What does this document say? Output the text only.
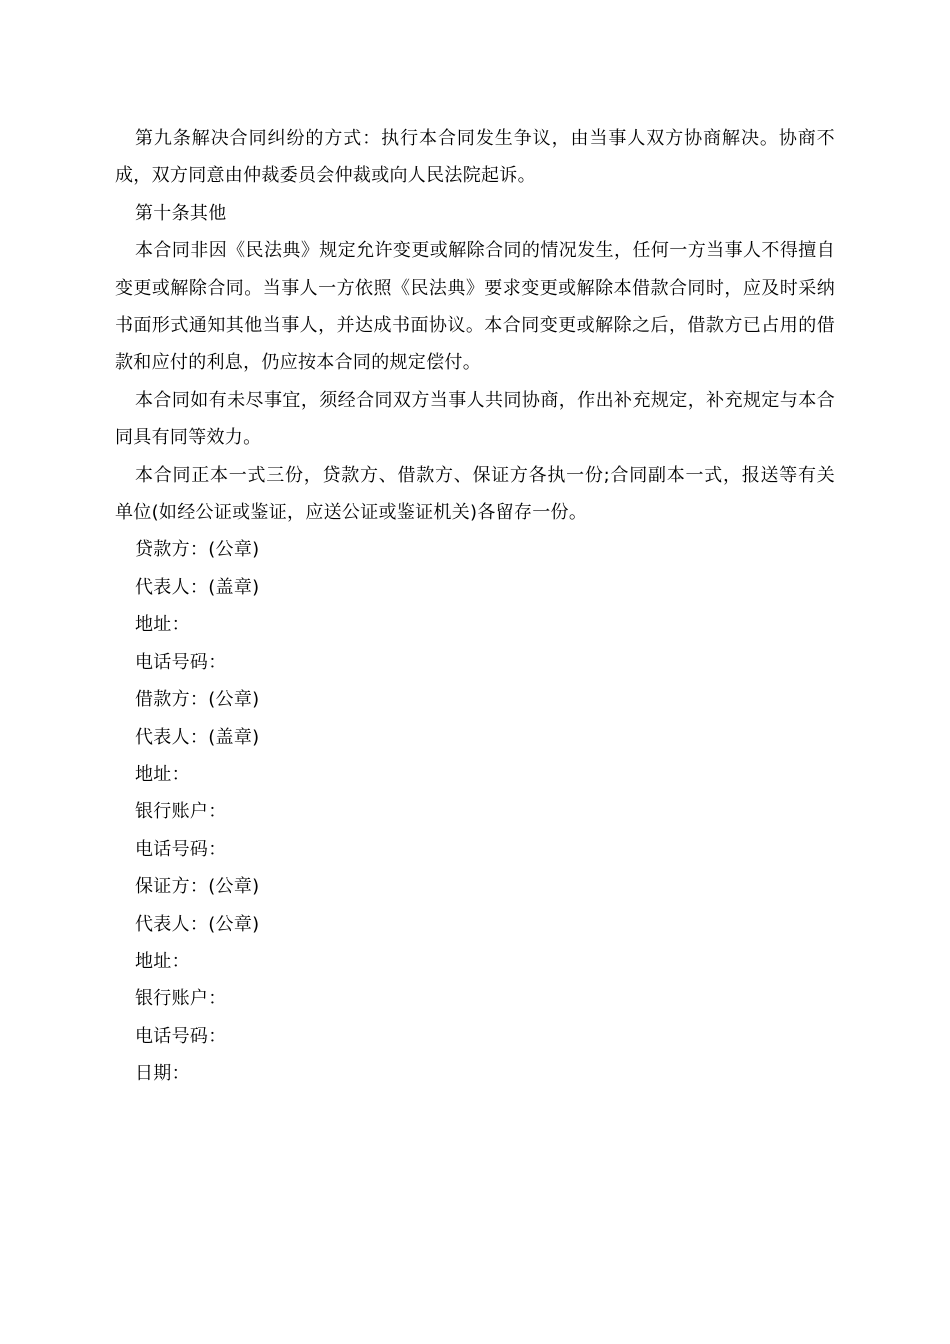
第九条解决合同纠纷的方式：执行本合同发生争议，由当事人双方协商解决。协商不成，双方同意由仲裁委员会仲裁或向人民法院起诉。

第十条其他

本合同非因《民法典》规定允许变更或解除合同的情况发生，任何一方当事人不得擅自变更或解除合同。当事人一方依照《民法典》要求变更或解除本借款合同时，应及时采纳书面形式通知其他当事人，并达成书面协议。本合同变更或解除之后，借款方已占用的借款和应付的利息，仍应按本合同的规定偿付。

本合同如有未尽事宜，须经合同双方当事人共同协商，作出补充规定，补充规定与本合同具有同等效力。

本合同正本一式三份，贷款方、借款方、保证方各执一份;合同副本一式，报送等有关单位(如经公证或鉴证，应送公证或鉴证机关)各留存一份。

贷款方：(公章)

代表人：(盖章)

地址：

电话号码：

借款方：(公章)

代表人：(盖章)

地址：

银行账户：

电话号码：

保证方：(公章)

代表人：(公章)

地址：

银行账户：

电话号码：

日期：
